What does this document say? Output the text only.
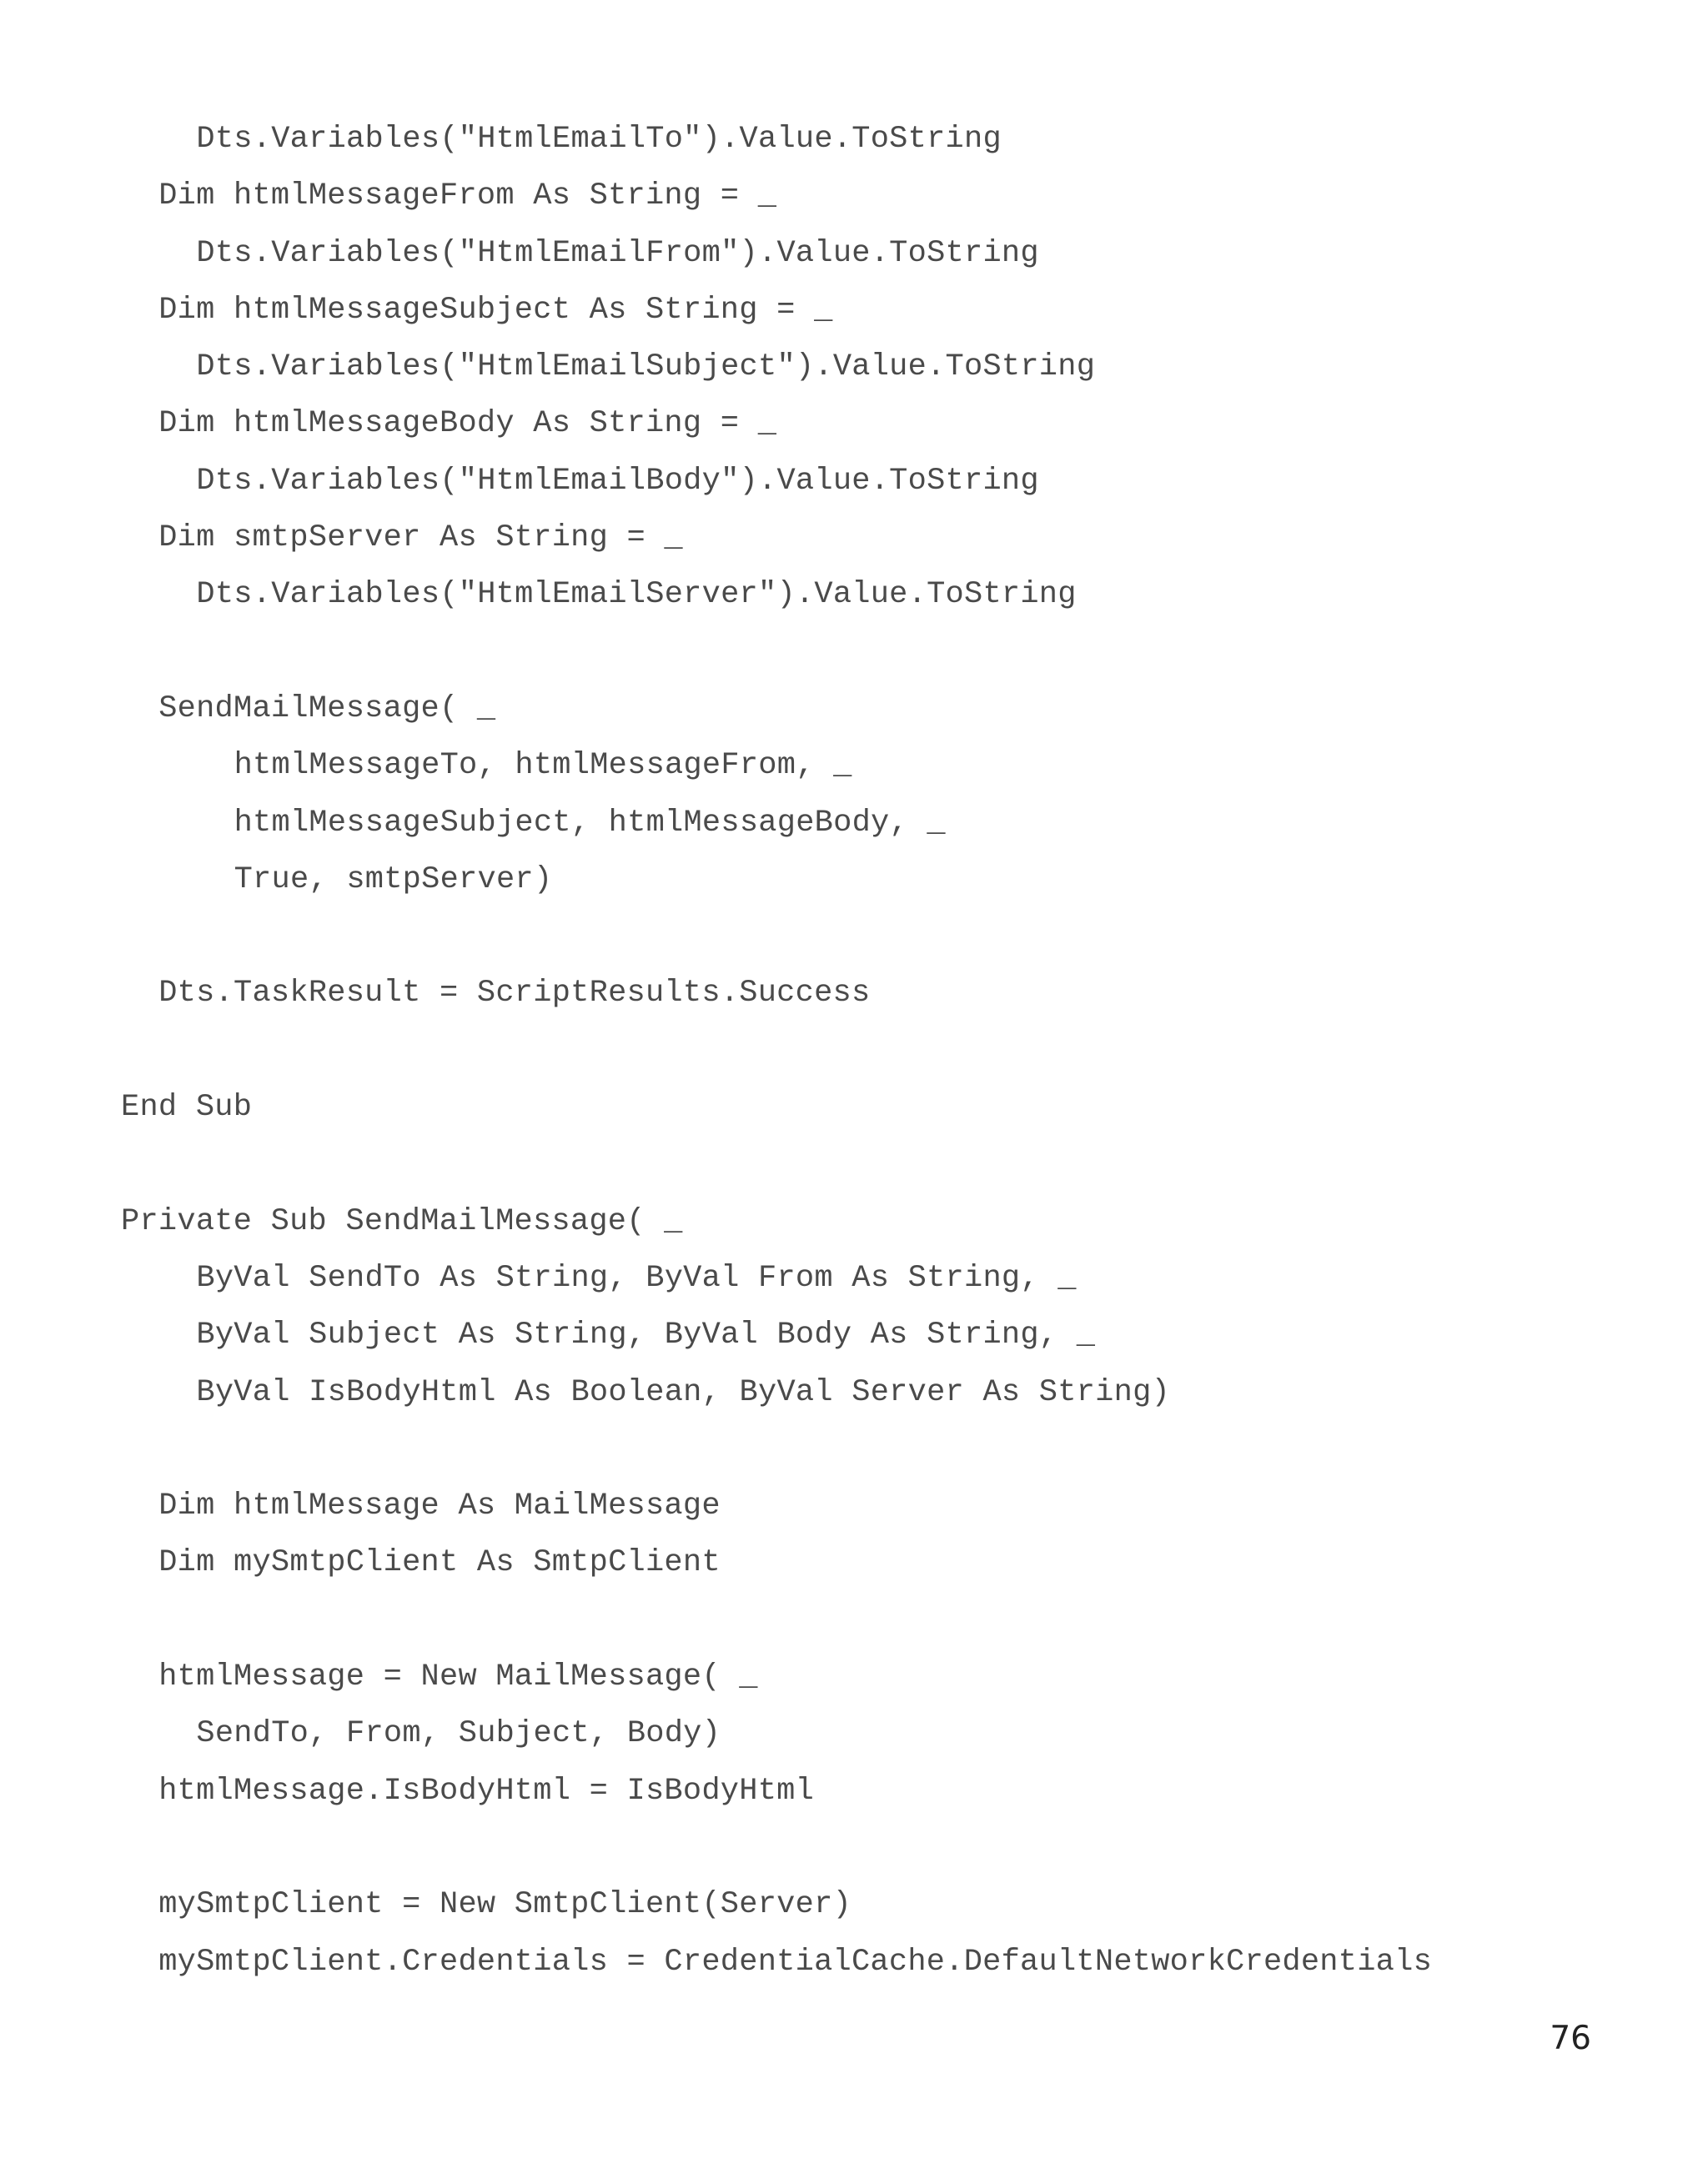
Dts.Variables("HtmlEmailTo").Value.ToString
Dim htmlMessageFrom As String = _
Dts.Variables("HtmlEmailFrom").Value.ToString
Dim htmlMessageSubject As String = _
Dts.Variables("HtmlEmailSubject").Value.ToString
Dim htmlMessageBody As String = _
Dts.Variables("HtmlEmailBody").Value.ToString
Dim smtpServer As String = _
Dts.Variables("HtmlEmailServer").Value.ToString
SendMailMessage( _
htmlMessageTo, htmlMessageFrom, _
htmlMessageSubject, htmlMessageBody, _
True, smtpServer)
Dts.TaskResult = ScriptResults.Success
End Sub
Private Sub SendMailMessage( _
ByVal SendTo As String, ByVal From As String, _
ByVal Subject As String, ByVal Body As String, _
ByVal IsBodyHtml As Boolean, ByVal Server As String)
Dim htmlMessage As MailMessage
Dim mySmtpClient As SmtpClient
htmlMessage = New MailMessage( _
SendTo, From, Subject, Body)
htmlMessage.IsBodyHtml = IsBodyHtml
mySmtpClient = New SmtpClient(Server)
mySmtpClient.Credentials = CredentialCache.DefaultNetworkCredentials
76
